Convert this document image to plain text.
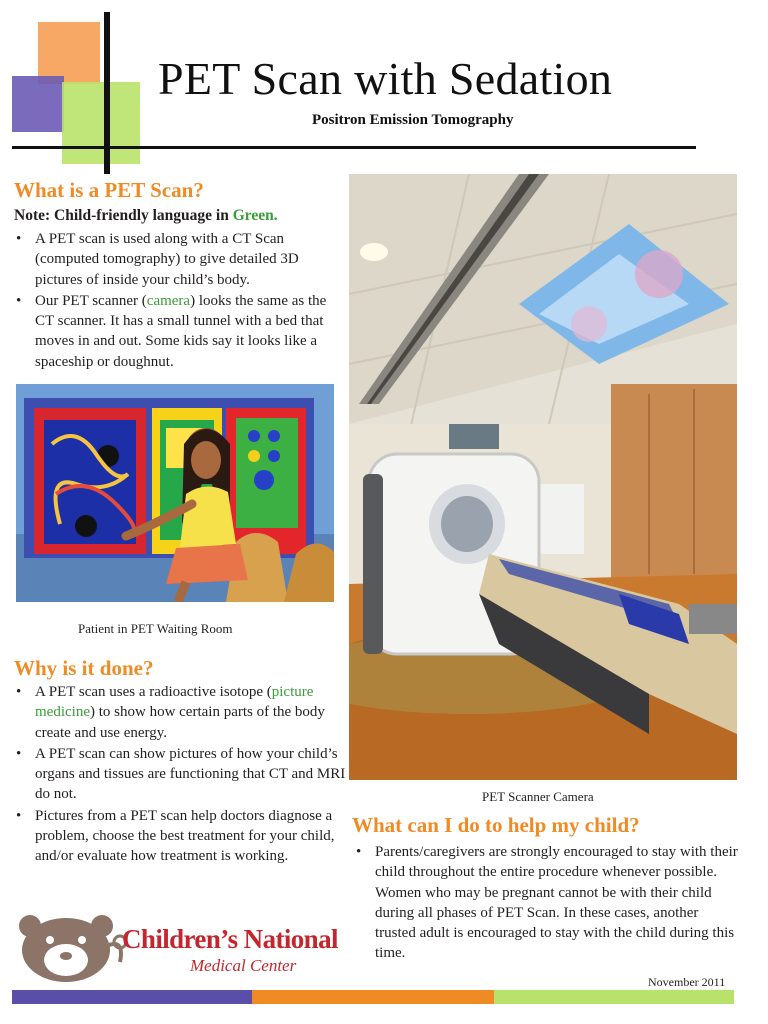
PET Scan with Sedation
Positron Emission Tomography
What is a PET Scan?
Note: Child-friendly language in Green.
• A PET scan is used along with a CT Scan (computed tomography) to give detailed 3D pictures of inside your child’s body.
• Our PET scanner (camera) looks the same as the CT scanner. It has a small tunnel with a bed that moves in and out. Some kids say it looks like a spaceship or doughnut.
Patient in PET Waiting Room
Why is it done?
• A PET scan uses a radioactive isotope (picture medicine) to show how certain parts of the body create and use energy.
• A PET scan can show pictures of how your child’s organs and tissues are functioning that CT and MRI do not.
• Pictures from a PET scan help doctors diagnose a problem, choose the best treatment for your child, and/or evaluate how treatment is working.
PET Scanner Camera
What can I do to help my child?
• Parents/caregivers are strongly encouraged to stay with their child throughout the entire procedure whenever possible. Women who may be pregnant cannot be with their child during all phases of PET Scan. In these cases, another trusted adult is encouraged to stay with the child during this time.
Children’s National
Medical Center
November 2011
